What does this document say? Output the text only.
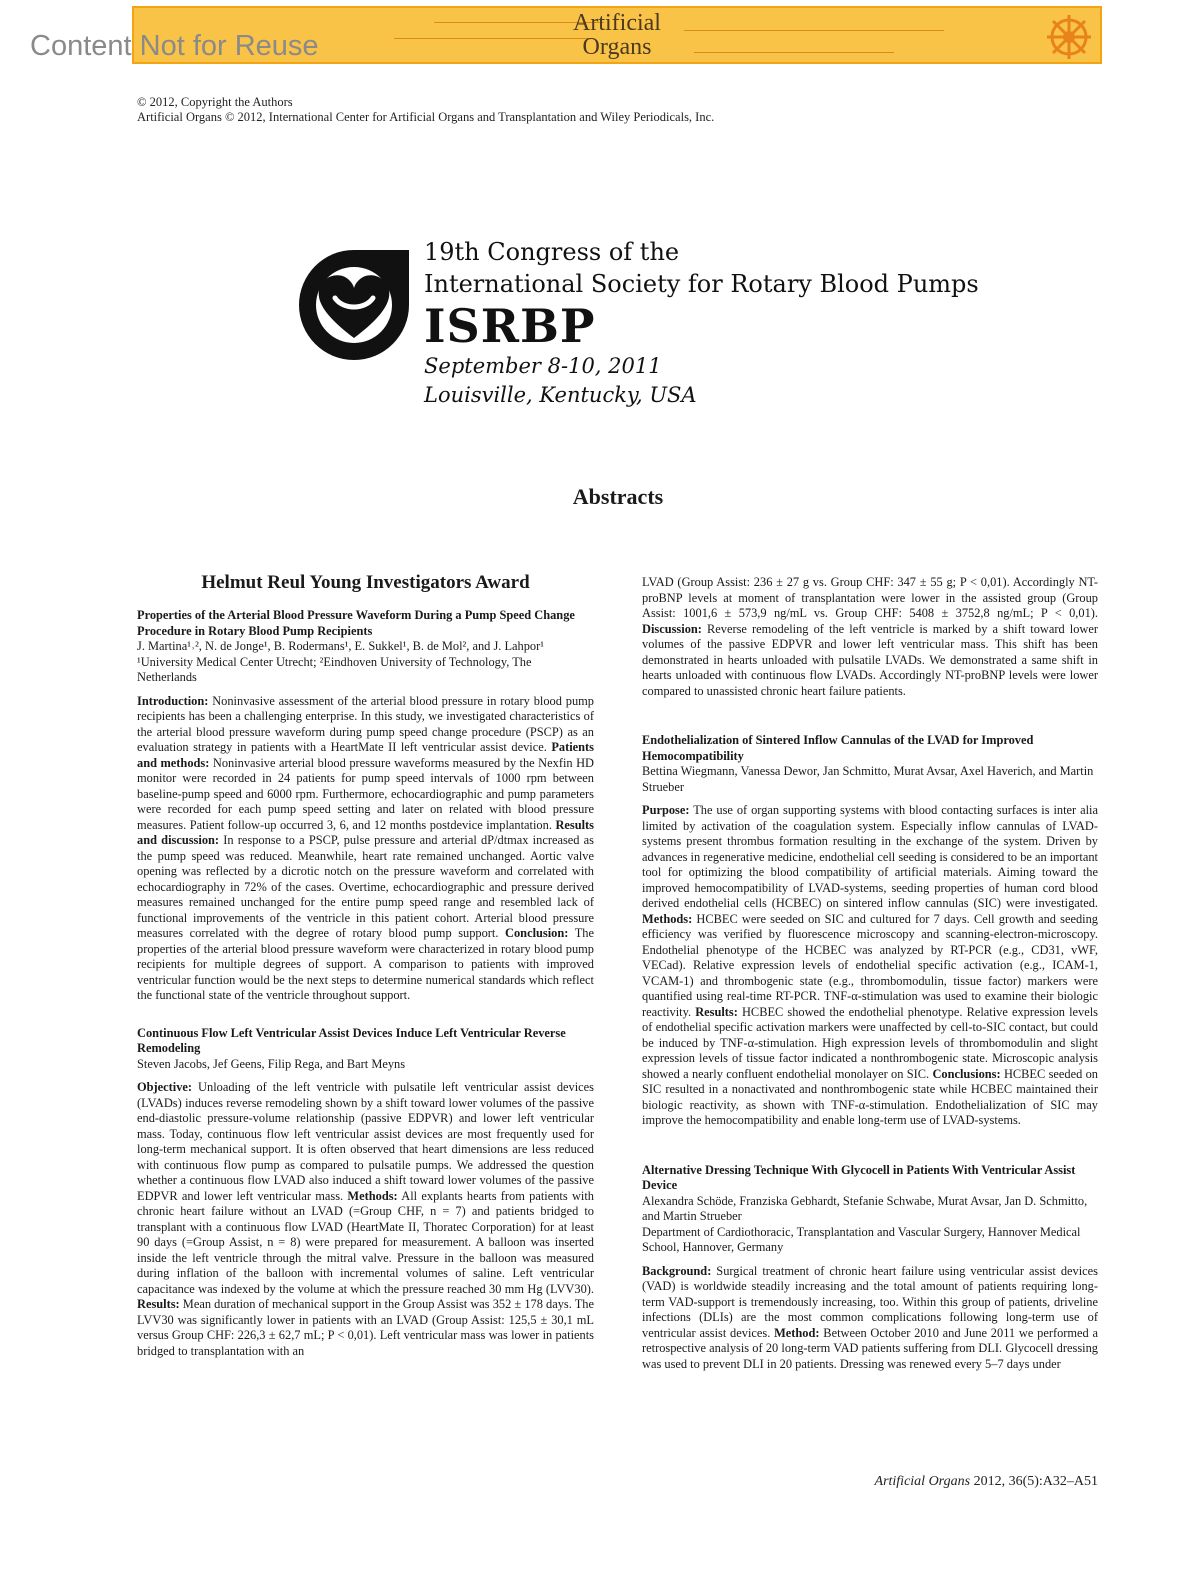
Artificial
Organs
Content Not for Reuse
© 2012, Copyright the Authors
Artificial Organs © 2012, International Center for Artificial Organs and Transplantation and Wiley Periodicals, Inc.
19th Congress of the
International Society for Rotary Blood Pumps
ISRBP
September 8-10, 2011
Louisville, Kentucky, USA
Abstracts
Helmut Reul Young Investigators Award

Properties of the Arterial Blood Pressure Waveform During a Pump Speed Change Procedure in Rotary Blood Pump Recipients

J. Martina¹˒², N. de Jonge¹, B. Rodermans¹, E. Sukkel¹, B. de Mol², and J. Lahpor¹

¹University Medical Center Utrecht; ²Eindhoven University of Technology, The Netherlands

Introduction: Noninvasive assessment of the arterial blood pressure in rotary blood pump recipients has been a challenging enterprise. In this study, we investigated characteristics of the arterial blood pressure waveform during pump speed change procedure (PSCP) as an evaluation strategy in patients with a HeartMate II left ventricular assist device. Patients and methods: Noninvasive arterial blood pressure waveforms measured by the Nexfin HD monitor were recorded in 24 patients for pump speed intervals of 1000 rpm between baseline-pump speed and 6000 rpm. Furthermore, echocardiographic and pump parameters were recorded for each pump speed setting and later on related with blood pressure measures. Patient follow-up occurred 3, 6, and 12 months postdevice implantation. Results and discussion: In response to a PSCP, pulse pressure and arterial dP/dtmax increased as the pump speed was reduced. Meanwhile, heart rate remained unchanged. Aortic valve opening was reflected by a dicrotic notch on the pressure waveform and correlated with echocardiography in 72% of the cases. Overtime, echocardiographic and pressure derived measures remained unchanged for the entire pump speed range and resembled lack of functional improvements of the ventricle in this patient cohort. Arterial blood pressure measures correlated with the degree of rotary blood pump support. Conclusion: The properties of the arterial blood pressure waveform were characterized in rotary blood pump recipients for multiple degrees of support. A comparison to patients with improved ventricular function would be the next steps to determine numerical standards which reflect the functional state of the ventricle throughout support.

Continuous Flow Left Ventricular Assist Devices Induce Left Ventricular Reverse Remodeling

Steven Jacobs, Jef Geens, Filip Rega, and Bart Meyns

Objective: Unloading of the left ventricle with pulsatile left ventricular assist devices (LVADs) induces reverse remodeling shown by a shift toward lower volumes of the passive end-diastolic pressure-volume relationship (passive EDPVR) and lower left ventricular mass. Today, continuous flow left ventricular assist devices are most frequently used for long-term mechanical support. It is often observed that heart dimensions are less reduced with continuous flow pump as compared to pulsatile pumps. We addressed the question whether a continuous flow LVAD also induced a shift toward lower volumes of the passive EDPVR and lower left ventricular mass. Methods: All explants hearts from patients with chronic heart failure without an LVAD (=Group CHF, n = 7) and patients bridged to transplant with a continuous flow LVAD (HeartMate II, Thoratec Corporation) for at least 90 days (=Group Assist, n = 8) were prepared for measurement. A balloon was inserted inside the left ventricle through the mitral valve. Pressure in the balloon was measured during inflation of the balloon with incremental volumes of saline. Left ventricular capacitance was indexed by the volume at which the pressure reached 30 mm Hg (LVV30). Results: Mean duration of mechanical support in the Group Assist was 352 ± 178 days. The LVV30 was significantly lower in patients with an LVAD (Group Assist: 125,5 ± 30,1 mL versus Group CHF: 226,3 ± 62,7 mL; P < 0,01). Left ventricular mass was lower in patients bridged to transplantation with an

LVAD (Group Assist: 236 ± 27 g vs. Group CHF: 347 ± 55 g; P < 0,01). Accordingly NT-proBNP levels at moment of transplantation were lower in the assisted group (Group Assist: 1001,6 ± 573,9 ng/mL vs. Group CHF: 5408 ± 3752,8 ng/mL; P < 0,01). Discussion: Reverse remodeling of the left ventricle is marked by a shift toward lower volumes of the passive EDPVR and lower left ventricular mass. This shift has been demonstrated in hearts unloaded with pulsatile LVADs. We demonstrated a same shift in hearts unloaded with continuous flow LVADs. Accordingly NT-proBNP levels were lower compared to unassisted chronic heart failure patients.

Endothelialization of Sintered Inflow Cannulas of the LVAD for Improved Hemocompatibility

Bettina Wiegmann, Vanessa Dewor, Jan Schmitto, Murat Avsar, Axel Haverich, and Martin Strueber

Purpose: The use of organ supporting systems with blood contacting surfaces is inter alia limited by activation of the coagulation system. Especially inflow cannulas of LVAD-systems present thrombus formation resulting in the exchange of the system. Driven by advances in regenerative medicine, endothelial cell seeding is considered to be an important tool for optimizing the blood compatibility of artificial materials. Aiming toward the improved hemocompatibility of LVAD-systems, seeding properties of human cord blood derived endothelial cells (HCBEC) on sintered inflow cannulas (SIC) were investigated. Methods: HCBEC were seeded on SIC and cultured for 7 days. Cell growth and seeding efficiency was verified by fluorescence microscopy and scanning-electron-microscopy. Endothelial phenotype of the HCBEC was analyzed by RT-PCR (e.g., CD31, vWF, VECad). Relative expression levels of endothelial specific activation (e.g., ICAM-1, VCAM-1) and thrombogenic state (e.g., thrombomodulin, tissue factor) markers were quantified using real-time RT-PCR. TNF-α-stimulation was used to examine their biologic reactivity. Results: HCBEC showed the endothelial phenotype. Relative expression levels of endothelial specific activation markers were unaffected by cell-to-SIC contact, but could be induced by TNF-α-stimulation. High expression levels of thrombomodulin and slight expression levels of tissue factor indicated a nonthrombogenic state. Microscopic analysis showed a nearly confluent endothelial monolayer on SIC. Conclusions: HCBEC seeded on SIC resulted in a nonactivated and nonthrombogenic state while HCBEC maintained their biologic reactivity, as shown with TNF-α-stimulation. Endothelialization of SIC may improve the hemocompatibility and enable long-term use of LVAD-systems.

Alternative Dressing Technique With Glycocell in Patients With Ventricular Assist Device

Alexandra Schöde, Franziska Gebhardt, Stefanie Schwabe, Murat Avsar, Jan D. Schmitto, and Martin Strueber

Department of Cardiothoracic, Transplantation and Vascular Surgery, Hannover Medical School, Hannover, Germany

Background: Surgical treatment of chronic heart failure using ventricular assist devices (VAD) is worldwide steadily increasing and the total amount of patients requiring long-term VAD-support is tremendously increasing, too. Within this group of patients, driveline infections (DLIs) are the most common complications following long-term use of ventricular assist devices. Method: Between October 2010 and June 2011 we performed a retrospective analysis of 20 long-term VAD patients suffering from DLI. Glycocell dressing was used to prevent DLI in 20 patients. Dressing was renewed every 5–7 days under

Artificial Organs 2012, 36(5):A32–A51
